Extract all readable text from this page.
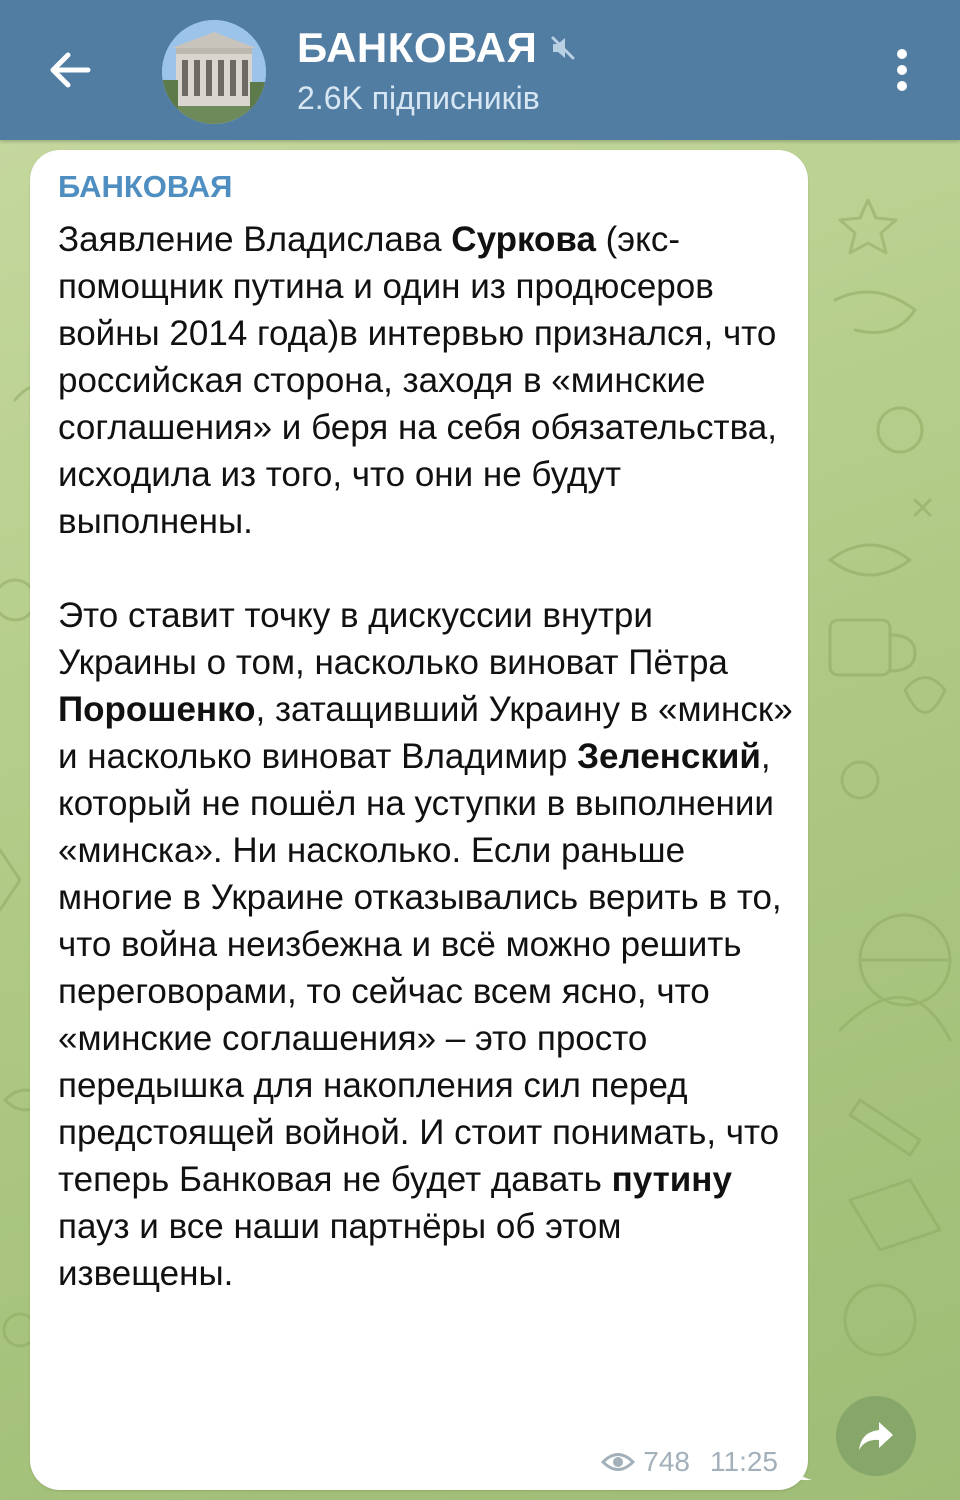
БАНКОВАЯ
2.6K підписників
БАНКОВАЯ

Заявление Владислава Суркова (экс-помощник путина и один из продюсеров войны 2014 года)в интервью признался, что российская сторона, заходя в «минские соглашения» и беря на себя обязательства, исходила из того, что они не будут выполнены.

Это ставит точку в дискуссии внутри Украины о том, насколько виноват Пётра Порошенко, затащивший Украину в «минск» и насколько виноват Владимир Зеленский, который не пошёл на уступки в выполнении «минска». Ни насколько. Если раньше многие в Украине отказывались верить в то, что война неизбежна и всё можно решить переговорами, то сейчас всем ясно, что «минские соглашения» – это просто передышка для накопления сил перед предстоящей войной. И стоит понимать, что теперь Банковая не будет давать путину пауз и все наши партнёры об этом извещены.

748 11:25
